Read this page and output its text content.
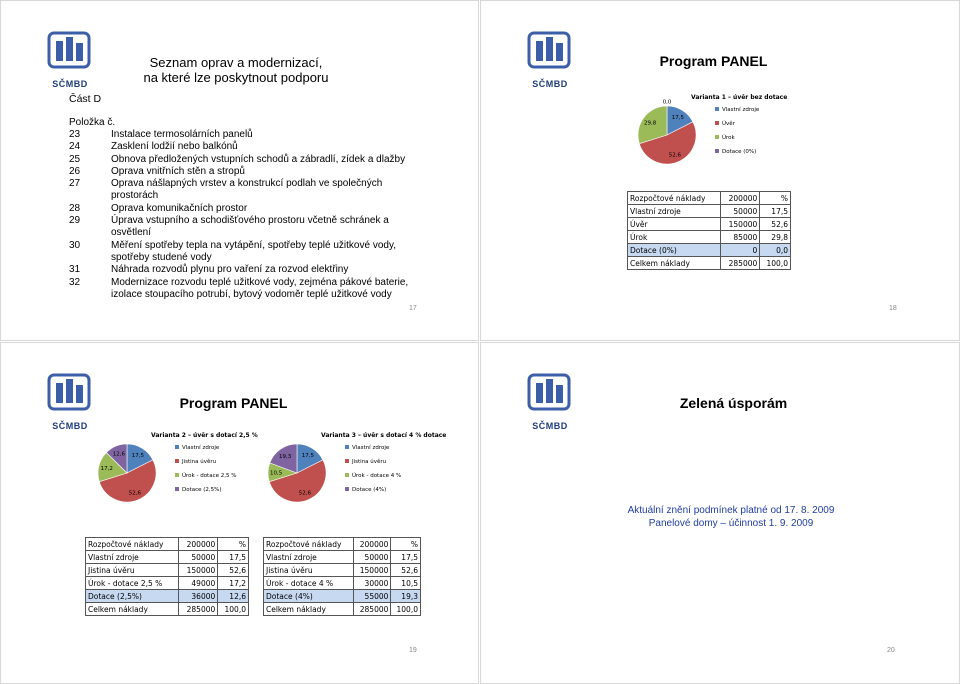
SČMBD
Seznam oprav a modernizací,
na které lze poskytnout podporu
Část D
Položka č.
23	Instalace termosolárních panelů
24	Zasklení lodžií nebo balkónů
25	Obnova předložených vstupních schodů a zábradlí, zídek a dlažby
26	Oprava vnitřních stěn a stropů
27	Oprava nášlapných vrstev a konstrukcí podlah ve společných
prostorách
28	Oprava komunikačních prostor
29	Úprava vstupního a schodišťového prostoru včetně schránek a
osvětlení
30	Měření spotřeby tepla na vytápění, spotřeby teplé užitkové vody,
spotřeby studené vody
31	Náhrada rozvodů plynu pro vaření za rozvod elektřiny
32	Modernizace rozvodu teplé užitkové vody, zejména pákové baterie,
izolace stoupacího potrubí, bytový vodoměr teplé užitkové vody
17
SČMBD
Program PANEL
Varianta 1 – úvěr bez dotace
17,5
52,6
29,8
0,0
Vlastní zdroje
Úvěr
Úrok
Dotace (0%)
Rozpočtové náklady	200000	%
Vlastní zdroje	50000	17,5
Úvěr	150000	52,6
Úrok	85000	29,8
Dotace (0%)	0	0,0
Celkem náklady	285000	100,0
18
SČMBD
Program PANEL
Varianta 2 – úvěr s dotací 2,5 %
17,5
52,6
17,2
12,6
Vlastní zdroje
Jistina úvěru
Úrok - dotace 2,5 %
Dotace (2,5%)
Varianta 3 – úvěr s dotací 4 % dotace
17,5
52,6
10,5
19,3
Vlastní zdroje
Jistina úvěru
Úrok - dotace 4 %
Dotace (4%)
Rozpočtové náklady	200000	%
Vlastní zdroje	50000	17,5
Jistina úvěru	150000	52,6
Úrok - dotace 2,5 %	49000	17,2
Dotace (2,5%)	36000	12,6
Celkem náklady	285000	100,0
Rozpočtové náklady	200000	%
Vlastní zdroje	50000	17,5
Jistina úvěru	150000	52,6
Úrok - dotace 4 %	30000	10,5
Dotace (4%)	55000	19,3
Celkem náklady	285000	100,0
19
SČMBD
Zelená úsporám
Aktuální znění podmínek platné od 17. 8. 2009
Panelové domy – účinnost 1. 9. 2009
20
